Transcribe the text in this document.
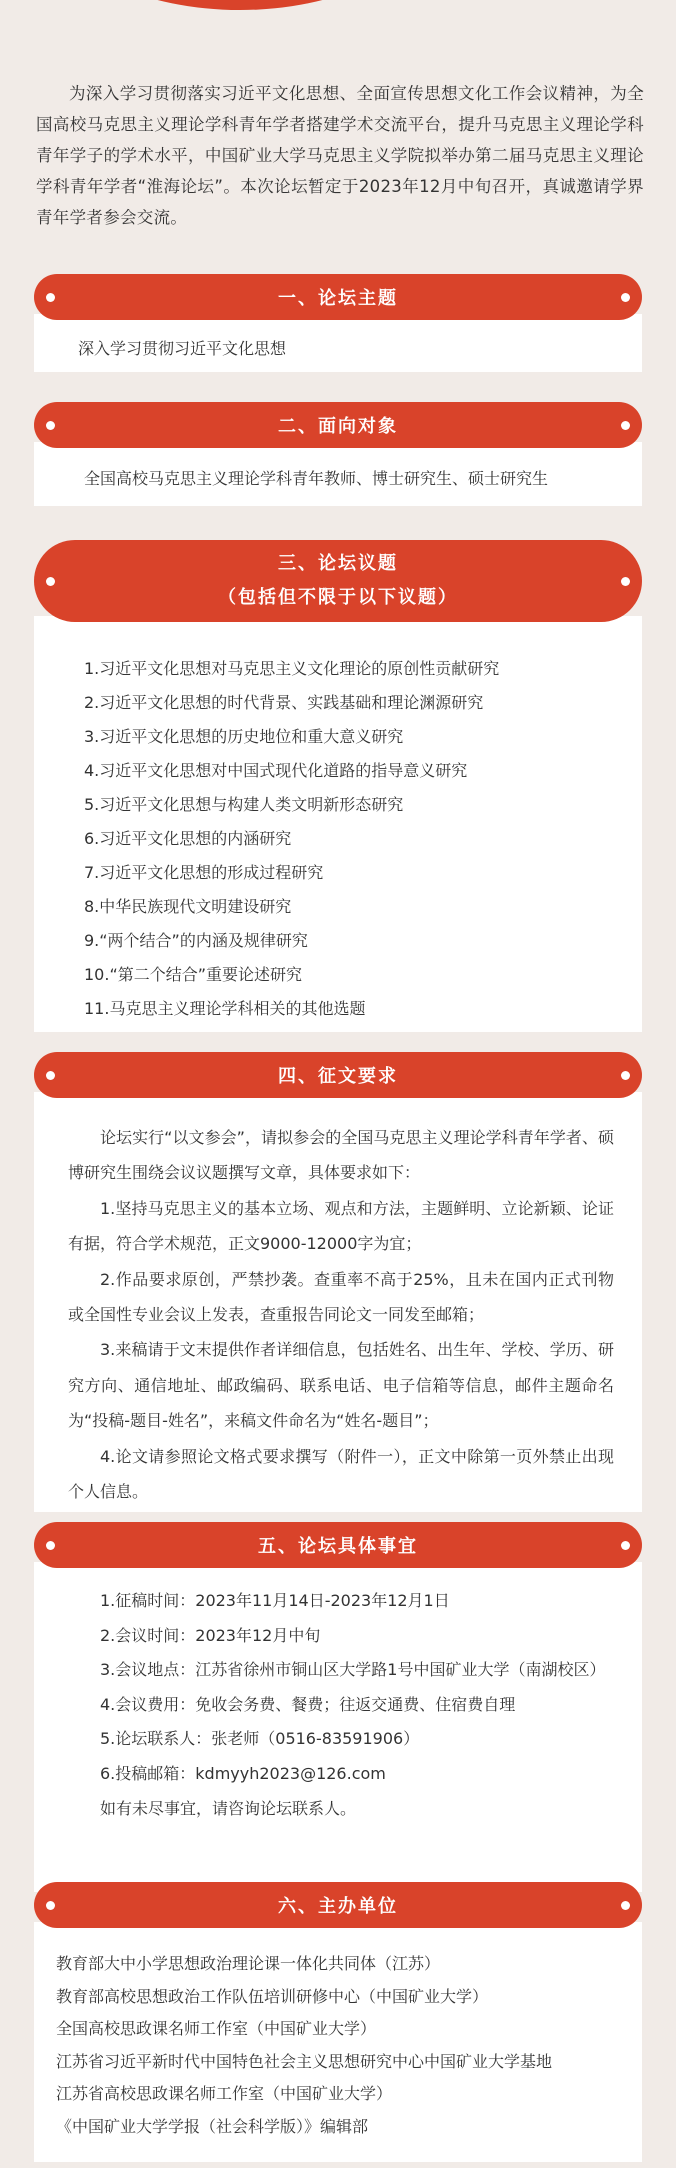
为深入学习贯彻落实习近平文化思想、全面宣传思想文化工作会议精神，为全国高校马克思主义理论学科青年学者搭建学术交流平台，提升马克思主义理论学科青年学子的学术水平，中国矿业大学马克思主义学院拟举办第二届马克思主义理论学科青年学者“淮海论坛”。本次论坛暂定于2023年12月中旬召开，真诚邀请学界青年学者参会交流。

一、论坛主题

深入学习贯彻习近平文化思想

二、面向对象

全国高校马克思主义理论学科青年教师、博士研究生、硕士研究生

三、论坛议题
（包括但不限于以下议题）

1.习近平文化思想对马克思主义文化理论的原创性贡献研究

2.习近平文化思想的时代背景、实践基础和理论渊源研究

3.习近平文化思想的历史地位和重大意义研究

4.习近平文化思想对中国式现代化道路的指导意义研究

5.习近平文化思想与构建人类文明新形态研究

6.习近平文化思想的内涵研究

7.习近平文化思想的形成过程研究

8.中华民族现代文明建设研究

9.“两个结合”的内涵及规律研究

10.“第二个结合”重要论述研究

11.马克思主义理论学科相关的其他选题

四、征文要求

论坛实行“以文参会”，请拟参会的全国马克思主义理论学科青年学者、硕博研究生围绕会议议题撰写文章，具体要求如下：

1.坚持马克思主义的基本立场、观点和方法，主题鲜明、立论新颖、论证有据，符合学术规范，正文9000-12000字为宜；

2.作品要求原创，严禁抄袭。查重率不高于25%，且未在国内正式刊物或全国性专业会议上发表，查重报告同论文一同发至邮箱；

3.来稿请于文末提供作者详细信息，包括姓名、出生年、学校、学历、研究方向、通信地址、邮政编码、联系电话、电子信箱等信息，邮件主题命名为“投稿-题目-姓名”，来稿文件命名为“姓名-题目”；

4.论文请参照论文格式要求撰写（附件一），正文中除第一页外禁止出现个人信息。

五、论坛具体事宜

1.征稿时间：2023年11月14日-2023年12月1日

2.会议时间：2023年12月中旬

3.会议地点：江苏省徐州市铜山区大学路1号中国矿业大学（南湖校区）

4.会议费用：免收会务费、餐费；往返交通费、住宿费自理

5.论坛联系人：张老师（0516-83591906）

6.投稿邮箱：kdmyyh2023@126.com

如有未尽事宜，请咨询论坛联系人。

六、主办单位

教育部大中小学思想政治理论课一体化共同体（江苏）

教育部高校思想政治工作队伍培训研修中心（中国矿业大学）

全国高校思政课名师工作室（中国矿业大学）

江苏省习近平新时代中国特色社会主义思想研究中心中国矿业大学基地

江苏省高校思政课名师工作室（中国矿业大学）

《中国矿业大学学报（社会科学版）》编辑部
